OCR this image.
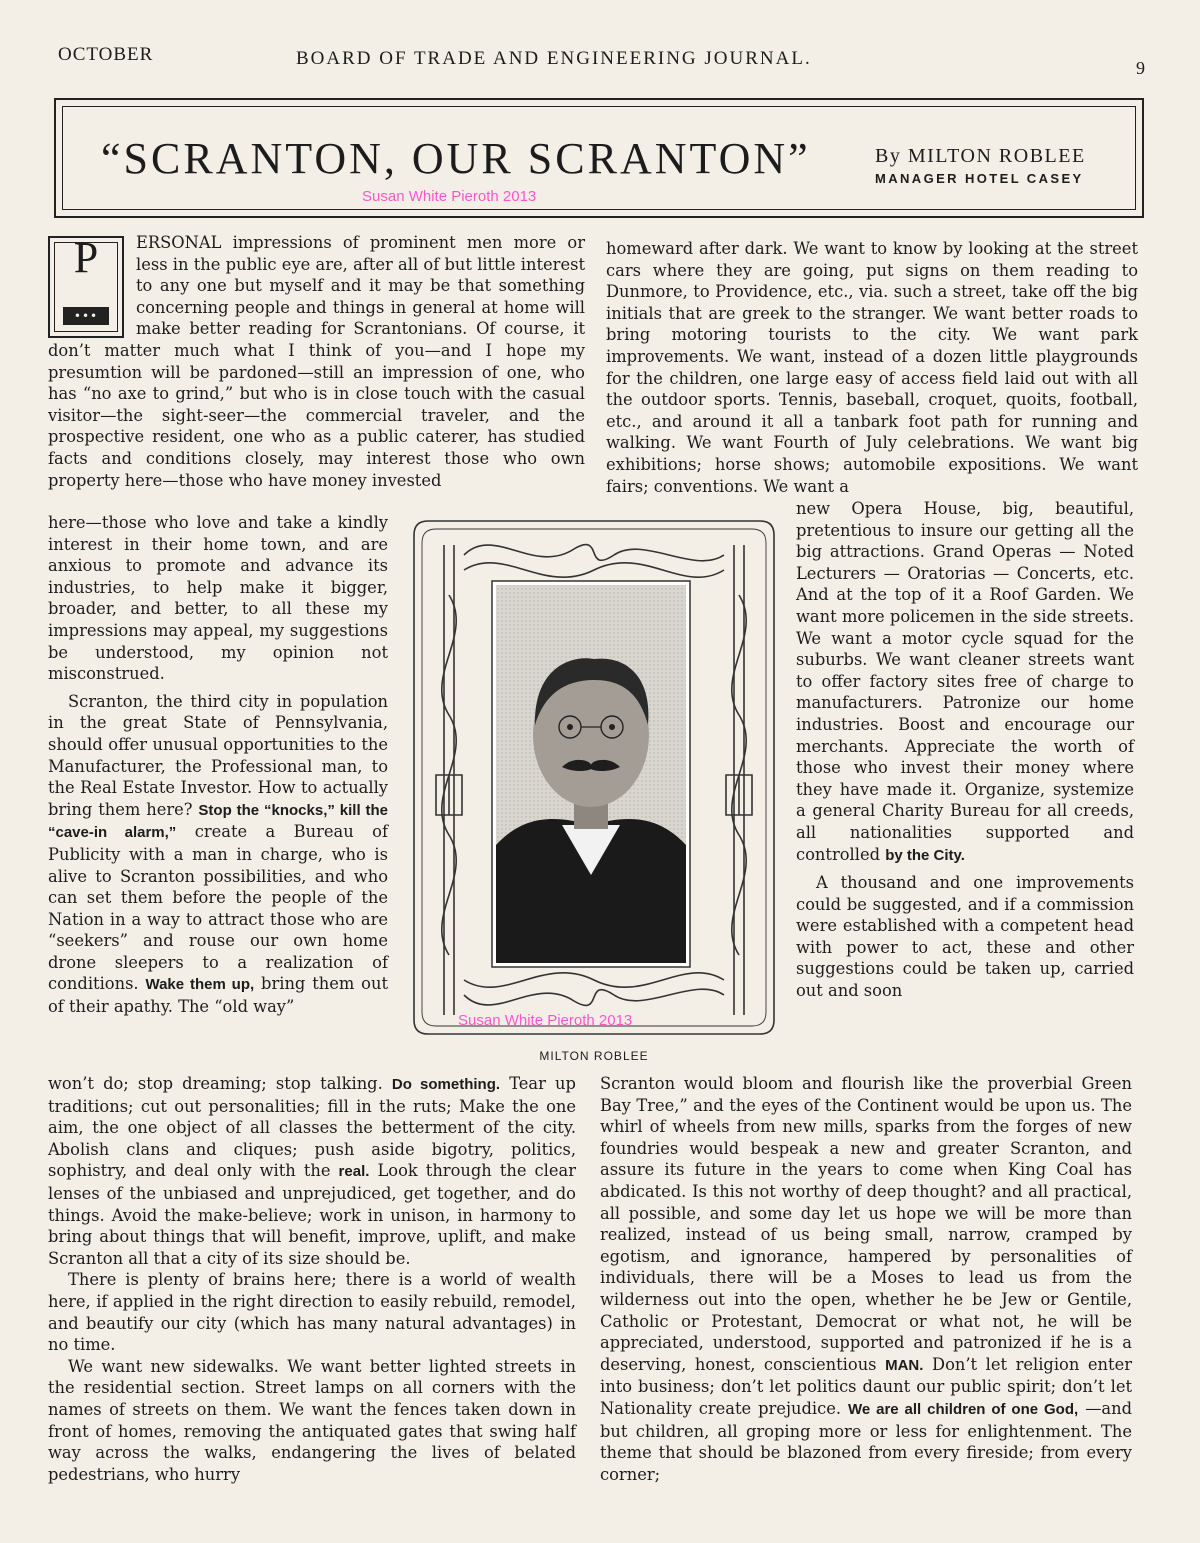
OCTOBER	BOARD OF TRADE AND ENGINEERING JOURNAL.	9
“SCRANTON, OUR SCRANTON”	By MILTON ROBLEE
MANAGER HOTEL CASEY
Susan White Pieroth 2013
P
•••

ERSONAL impressions of prominent men more or less in the public eye are, after all of but little interest to any one but myself and it may be that something concerning people and things in general at home will make better reading for Scrantonians. Of course, it don’t matter much what I think of you—and I hope my presumtion will be pardoned—still an impression of one, who has “no axe to grind,” but who is in close touch with the casual visitor—the sight-seer—the commercial traveler, and the prospective resident, one who as a public caterer, has studied facts and conditions closely, may interest those who own property here—those who have money invested

here—those who love and take a kindly interest in their home town, and are anxious to promote and advance its industries, to help make it bigger, broader, and better, to all these my impressions may appeal, my suggestions be understood, my opinion not misconstrued.

Scranton, the third city in population in the great State of Pennsylvania, should offer unusual opportunities to the Manufacturer, the Professional man, to the Real Estate Investor. How to actually bring them here? Stop the “knocks,” kill the “cave-in alarm,” create a Bureau of Publicity with a man in charge, who is alive to Scranton possibilities, and who can set them before the people of the Nation in a way to attract those who are “seekers” and rouse our own home drone sleepers to a realization of conditions. Wake them up, bring them out of their apathy. The “old way”

MILTON ROBLEE
Susan White Pieroth 2013

won’t do; stop dreaming; stop talking. Do something. Tear up traditions; cut out personalities; fill in the ruts; Make the one aim, the one object of all classes the betterment of the city. Abolish clans and cliques; push aside bigotry, politics, sophistry, and deal only with the real. Look through the clear lenses of the unbiased and unprejudiced, get together, and do things. Avoid the make-believe; work in unison, in harmony to bring about things that will benefit, improve, uplift, and make Scranton all that a city of its size should be.

There is plenty of brains here; there is a world of wealth here, if applied in the right direction to easily rebuild, remodel, and beautify our city (which has many natural advantages) in no time.

We want new sidewalks. We want better lighted streets in the residential section. Street lamps on all corners with the names of streets on them. We want the fences taken down in front of homes, removing the antiquated gates that swing half way across the walks, endangering the lives of belated pedestrians, who hurry

homeward after dark. We want to know by looking at the street cars where they are going, put signs on them reading to Dunmore, to Providence, etc., via. such a street, take off the big initials that are greek to the stranger. We want better roads to bring motoring tourists to the city. We want park improvements. We want, instead of a dozen little playgrounds for the children, one large easy of access field laid out with all the outdoor sports. Tennis, baseball, croquet, quoits, football, etc., and around it all a tanbark foot path for running and walking. We want Fourth of July celebrations. We want big exhibitions; horse shows; automobile expositions. We want fairs; conventions. We want a

new Opera House, big, beautiful, pretentious to insure our getting all the big attractions. Grand Operas — Noted Lecturers — Oratorias — Concerts, etc. And at the top of it a Roof Garden. We want more policemen in the side streets. We want a motor cycle squad for the suburbs. We want cleaner streets want to offer factory sites free of charge to manufacturers. Patronize our home industries. Boost and encourage our merchants. Appreciate the worth of those who invest their money where they have made it. Organize, systemize a general Charity Bureau for all creeds, all nationalities supported and controlled by the City.

A thousand and one improvements could be suggested, and if a commission were established with a competent head with power to act, these and other suggestions could be taken up, carried out and soon

Scranton would bloom and flourish like the proverbial Green Bay Tree,” and the eyes of the Continent would be upon us. The whirl of wheels from new mills, sparks from the forges of new foundries would bespeak a new and greater Scranton, and assure its future in the years to come when King Coal has abdicated. Is this not worthy of deep thought? and all practical, all possible, and some day let us hope we will be more than realized, instead of us being small, narrow, cramped by egotism, and ignorance, hampered by personalities of individuals, there will be a Moses to lead us from the wilderness out into the open, whether he be Jew or Gentile, Catholic or Protestant, Democrat or what not, he will be appreciated, understood, supported and patronized if he is a deserving, honest, conscientious MAN. Don’t let religion enter into business; don’t let politics daunt our public spirit; don’t let Nationality create prejudice. We are all children of one God, —and but children, all groping more or less for enlightenment. The theme that should be blazoned from every fireside; from every corner;
